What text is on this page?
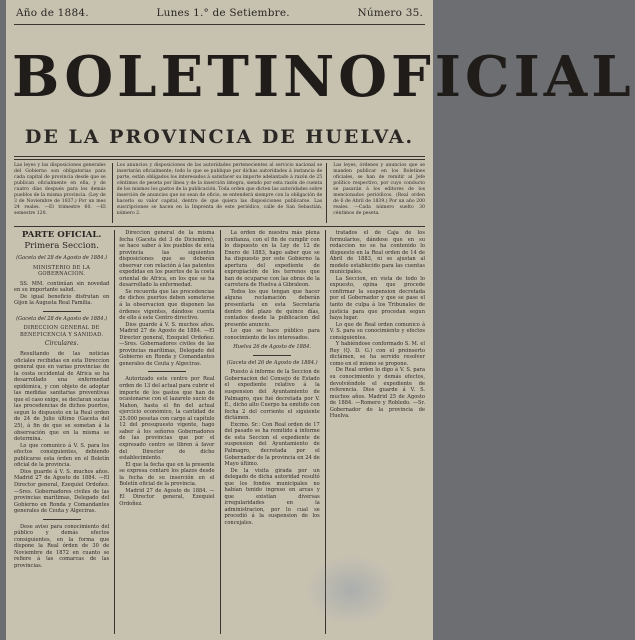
Año de 1884.	Lunes 1.° de Setiembre.	Número 35.
BOLETIN OFICIAL
DE LA PROVINCIA DE HUELVA.
Las leyes y las disposiciones generales del Gobierno son obligatorias para cada capital de provincia desde que se publican oficialmente en ella, y de cuatro días después para los demás pueblos de la misma provincia. (Ley de 3 de Noviembre de 1837.) Por un mes 24 reales. —El trimestre 60. —El semestre 120.
Los anuncios y disposiciones de las autoridades pertenecientes al servicio nacional se insertarán oficialmente; todo lo que se publique por dichas autoridades á instancia de parte, están obligados los interesados á satisfacer su importe adelantado á razón de 25 céntimos de peseta por línea y de la inserción íntegra, siendo por esta razón de cuenta de los mismos los gastos de la publicación. Toda orden que dicten las autoridades sobre inserción de anuncios que no sean de oficio, se entenderá siempre con la obligación de hacerlo su valor capital, dentro de que quiera las disposiciones publicarse. Las suscripciones se hacen en la Imprenta de este periódico, calle de San Sebastián, número 2.
Las leyes, órdenes y anuncios que se manden publicar en los Boletines oficiales, se han de remitir al Jefe político respectivo, por cuyo conducto se pasarán á los editores de los mencionados periódicos. (Real orden de 6 de Abril de 1839.) Por un año 200 reales. —Cada número suelto 30 céntimos de peseta.

PARTE OFICIAL.

Primera Seccion.

(Gaceta del 28 de Agosto de 1884.)

MINISTERIO DE LA GOBERNACION.

SS. MM. continúan sin novedad en su importante salud.

De igual beneficio disfrutan en Gijon la Augusta Real Familia.

(Gaceta del 28 de Agosto de 1884.)

DIRECCION GENERAL DE BENEFICENCIA Y SANIDAD.

Circulares.

Resultando de las noticias oficiales recibidas en esta Direccion general que en varias provincias de la costa occidental de Africa se ha desarrollado una enfermedad epidémica, y con objeto de adoptar las medidas sanitarias preventivas que el caso exige, se declaran sucias las procedencias de dichos puertos, segun lo dispuesto en la Real orden de 24 de Julio último (Gaceta del 25), á fin de que se sometan á la observación que en la misma se determina.

Lo que comunico á V. S. para los efectos consiguientes, debiendo publicarse esta órden en el Boletín oficial de la provincia.

Dios guarde á V. S. muchos años. Madrid 27 de Agosto de 1884. —El Director general, Ezequiel Ordoñez. —Sres. Gobernadores civiles de las provincias marítimas, Delegado del Gobierno en Ronda y Comandantes generales de Ceuta y Algeciras.

Dese aviso para conocimiento del público y demás efectos consiguientes, en la forma que dispone la Real órden de 30 de Noviembre de 1872 en cuanto se refiere á las comarcas de las provincias.

Direccion general de la misma fecha (Gaceta del 3 de Diciembre), se hace saber á los pueblos de esta provincia las siguientes disposiciones que se deberán observar con relación á las patentes expedidas en los puertos de la costa oriental de Africa, en los que se ha desarrollado la enfermedad.

Se recuerda que las procedencias de dichos puertos deben someterse á la observacion que disponen las órdenes vigentes, dándose cuenta de ello á este Centro directivo.

Dios guarde á V. S. muchos años. Madrid 27 de Agosto de 1884. —El Director general, Ezequiel Ordoñez. —Sres. Gobernadores civiles de las provincias marítimas, Delegado del Gobierno en Ronda y Comandantes generales de Ceuta y Algeciras.

Autorizado este centro por Real orden de 13 del actual para cubrir el importe de los gastos que han de ocasionarse con el lazareto sucio de Mahon, hasta el fin del actual ejercicio económico, la cantidad de 25.000 pesetas con cargo al capítulo 12 del presupuesto vigente, hago saber á los señores Gobernadores de las provincias que por el expresado centro se libren á favor del Director de dicho establecimiento.

El que la fecha que en la presente se expresa contaré los plazos desde la fecha de su inserción en el Boletín oficial de la provincia.

Madrid 27 de Agosto de 1884. —El Director general, Ezequiel Ordoñez.

La orden de nuestra más plena confianza, con el fin de cumplir con lo dispuesto en la Ley de 12 de Enero de 1883, hago saber que se ha dispuesto por este Gobierno la apertura del expediente de expropiación de los terrenos que han de ocuparse con las obras de la carretera de Huelva á Gibraleon.

Todos los que tengan que hacer alguna reclamación deberán presentarla en esta Secretaría dentro del plazo de quince días, contados desde la publicacion del presente anuncio.

Lo que se hace público para conocimiento de los interesados.

Huelva 26 de Agosto de 1884.

(Gaceta del 26 de Agosto de 1884.)

Puesto á informe de la Seccion de Gobernacion del Consejo de Estado el expediente relativo á la suspension del Ayuntamiento de Palmagro, que fué decretada por V. E., dicho alto Cuerpo ha emitido con fecha 2 del corriente el siguiente dictámen.

Excmo. Sr.: Con Real orden de 17 del pasado se ha remitido á informe de esta Seccion el expediente de suspension del Ayuntamiento de Palmagro, decretada por el Gobernador de la provincia en 24 de Mayo último.

De la visita girada por un delegado de dicha autoridad resultó que los fondos municipales no habían tenido ingreso en arcas y que existían diversas irregularidades en la administracion, por lo cual se procedió á la suspension de los concejales.

tratados el de Caja de los formularios, dándose que en su redaccion no se ha contenido lo dispuesto en la Real orden de 14 de Abril de 1883, ni se ajustan al modelo establecido para las cuentas municipales.

La Seccion, en vista de todo lo expuesto, opina que procede confirmar la suspension decretada por el Gobernador y que se pase el tanto de culpa á los Tribunales de justicia para que procedan segun haya lugar.

Lo que de Real orden comunico á V. S. para su conocimiento y efectos consiguientes.

Y habiéndose conformado S. M. el Rey (Q. D. G.) con el preinserto dictámen, se ha servido resolver como en el mismo se propone.

De Real orden lo digo á V. S. para su conocimiento y demás efectos, devolviéndole el expediente de referencia. Dios guarde á V. S. muchos años. Madrid 25 de Agosto de 1884. —Romero y Robledo. —Sr. Gobernador de la provincia de Huelva.
